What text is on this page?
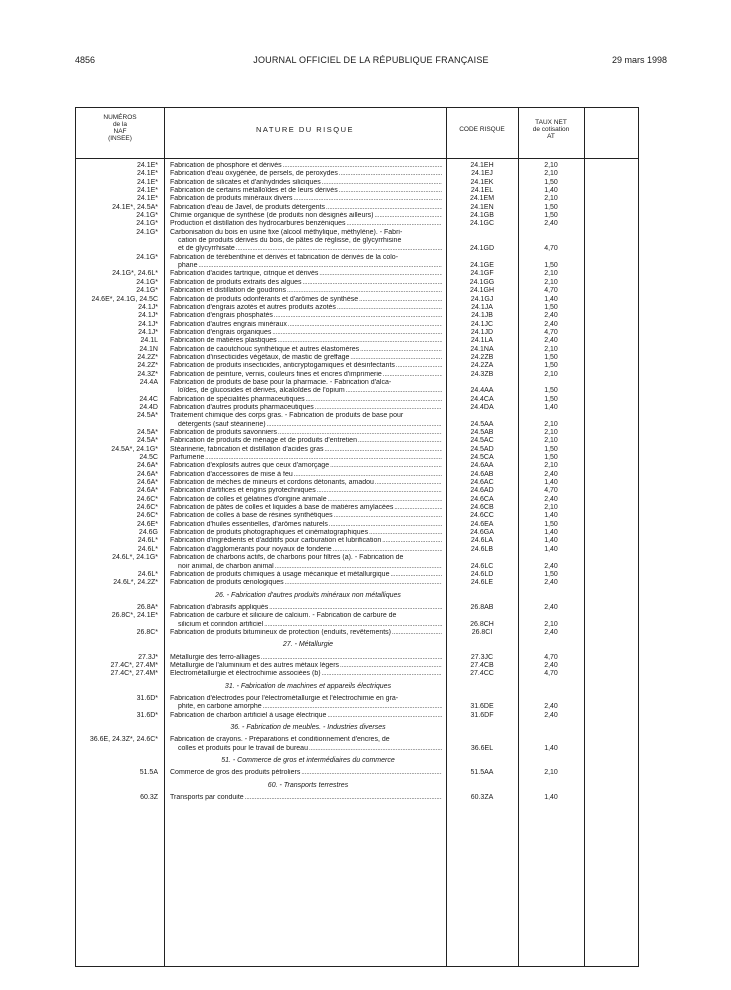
4856	JOURNAL OFFICIEL DE LA RÉPUBLIQUE FRANÇAISE	29 mars 1998
NUMÉROS
de la
NAF
(INSEE)
NATURE DU RISQUE	CODE RISQUE
TAUX NET
de cotisation
AT
24.1E*	Fabrication de phosphore et dérivés .....	24.1EH	2,10
24.1E*	Fabrication d'eau oxygénée, de persels, de peroxydes .....	24.1EJ	2,10
24.1E*	Fabrication de silicates et d'anhydrides siliciques .....	24.1EK	1,50
24.1E*	Fabrication de certains métalloïdes et de leurs dérivés .....	24.1EL	1,40
24.1E*	Fabrication de produits minéraux divers .....	24.1EM	2,10
24.1E*, 24.5A*	Fabrication d'eau de Javel, de produits détergents .....	24.1EN	1,50
24.1G*	Chimie organique de synthèse (de produits non désignés ailleurs) .....	24.1GB	1,50
24.1G*	Production et distillation des hydrocarbures benzéniques .....	24.1GC	2,40
24.1G*	Carbonisation du bois en usine fixe (alcool méthylique, méthylène). - Fabri-
cation de produits dérivés du bois, de pâtes de réglisse, de glycyrrhisine
et de glycyrrhisate .....	24.1GD	4,70
24.1G*	Fabrication de térébenthine et dérivés et fabrication de dérivés de la colo-
phane .....	24.1GE	1,50
24.1G*, 24.6L*	Fabrication d'acides tartrique, citrique et dérivés .....	24.1GF	2,10
24.1G*	Fabrication de produits extraits des algues .....	24.1GG	2,10
24.1G*	Fabrication et distillation de goudrons .....	24.1GH	4,70
24.6E*, 24.1G, 24.5C	Fabrication de produits odoriférants et d'arômes de synthèse .....	24.1GJ	1,40
24.1J*	Fabrication d'engrais azotés et autres produits azotés .....	24.1JA	1,50
24.1J*	Fabrication d'engrais phosphatés .....	24.1JB	2,40
24.1J*	Fabrication d'autres engrais minéraux .....	24.1JC	2,40
24.1J*	Fabrication d'engrais organiques .....	24.1JD	4,70
24.1L	Fabrication de matières plastiques .....	24.1LA	2,40
24.1N	Fabrication de caoutchouc synthétique et autres élastomères .....	24.1NA	2,10
24.2Z*	Fabrication d'insecticides végétaux, de mastic de greffage .....	24.2ZB	1,50
24.2Z*	Fabrication de produits insecticides, anticryptogamiques et désinfectants .....	24.2ZA	1,50
24.3Z*	Fabrication de peinture, vernis, couleurs fines et encres d'imprimerie .....	24.3ZB	2,10
24.4A	Fabrication de produits de base pour la pharmacie. - Fabrication d'alca-
loïdes, de glucosides et dérivés, alcaloïdes de l'opium .....	24.4AA	1,50
24.4C	Fabrication de spécialités pharmaceutiques .....	24.4CA	1,50
24.4D	Fabrication d'autres produits pharmaceutiques .....	24.4DA	1,40
24.5A*	Traitement chimique des corps gras. - Fabrication de produits de base pour
détergents (sauf stéarinerie) .....	24.5AA	2,10
24.5A*	Fabrication de produits savonniers .....	24.5AB	2,10
24.5A*	Fabrication de produits de ménage et de produits d'entretien .....	24.5AC	2,10
24.5A*, 24.1G*	Stéarinerie, fabrication et distillation d'acides gras .....	24.5AD	1,50
24.5C	Parfumerie .....	24.5CA	1,50
24.6A*	Fabrication d'explosifs autres que ceux d'amorçage .....	24.6AA	2,10
24.6A*	Fabrication d'accessoires de mise à feu .....	24.6AB	2,40
24.6A*	Fabrication de mèches de mineurs et cordons détonants, amadou .....	24.6AC	1,40
24.6A*	Fabrication d'artifices et engins pyrotechniques .....	24.6AD	4,70
24.6C*	Fabrication de colles et gélatines d'origine animale .....	24.6CA	2,40
24.6C*	Fabrication de pâtes de colles et liquides à base de matières amylacées .....	24.6CB	2,10
24.6C*	Fabrication de colles à base de résines synthétiques .....	24.6CC	1,40
24.6E*	Fabrication d'huiles essentielles, d'arômes naturels .....	24.6EA	1,50
24.6G	Fabrication de produits photographiques et cinématographiques .....	24.6GA	1,40
24.6L*	Fabrication d'ingrédients et d'additifs pour carburation et lubrification .....	24.6LA	1,40
24.6L*	Fabrication d'agglomérants pour noyaux de fonderie .....	24.6LB	1,40
24.6L*, 24.1G*	Fabrication de charbons actifs, de charbons pour filtres (a). - Fabrication de
noir animal, de charbon animal .....	24.6LC	2,40
24.6L*	Fabrication de produits chimiques à usage mécanique et métallurgique .....	24.6LD	1,50
24.6L*, 24.2Z*	Fabrication de produits œnologiques .....	24.6LE	2,40
26. - Fabrication d'autres produits minéraux non métalliques
26.8A*	Fabrication d'abrasifs appliqués .....	26.8AB	2,40
26.8C*, 24.1E*	Fabrication de carbure et siliciure de calcium. - Fabrication de carbure de
silicium et corindon artificiel .....	26.8CH	2,10
26.8C*	Fabrication de produits bitumineux de protection (enduits, revêtements) .....	26.8CI	2,40
27. - Métallurgie
27.3J*	Métallurgie des ferro-alliages .....	27.3JC	4,70
27.4C*, 27.4M*	Métallurgie de l'aluminium et des autres métaux légers .....	27.4CB	2,40
27.4C*, 27.4M*	Électrométallurgie et électrochimie associées (b) .....	27.4CC	4,70
31. - Fabrication de machines et appareils électriques
31.6D*	Fabrication d'électrodes pour l'électrométallurgie et l'électrochimie en gra-
phite, en carbone amorphe .....	31.6DE	2,40
31.6D*	Fabrication de charbon artificiel à usage électrique .....	31.6DF	2,40
36. - Fabrication de meubles. - Industries diverses
36.6E, 24.3Z*, 24.6C*	Fabrication de crayons. - Préparations et conditionnement d'encres, de
colles et produits pour le travail de bureau .....	36.6EL	1,40
51. - Commerce de gros et intermédiaires du commerce
51.5A	Commerce de gros des produits pétroliers .....	51.5AA	2,10
60. - Transports terrestres
60.3Z	Transports par conduite .....	60.3ZA	1,40
